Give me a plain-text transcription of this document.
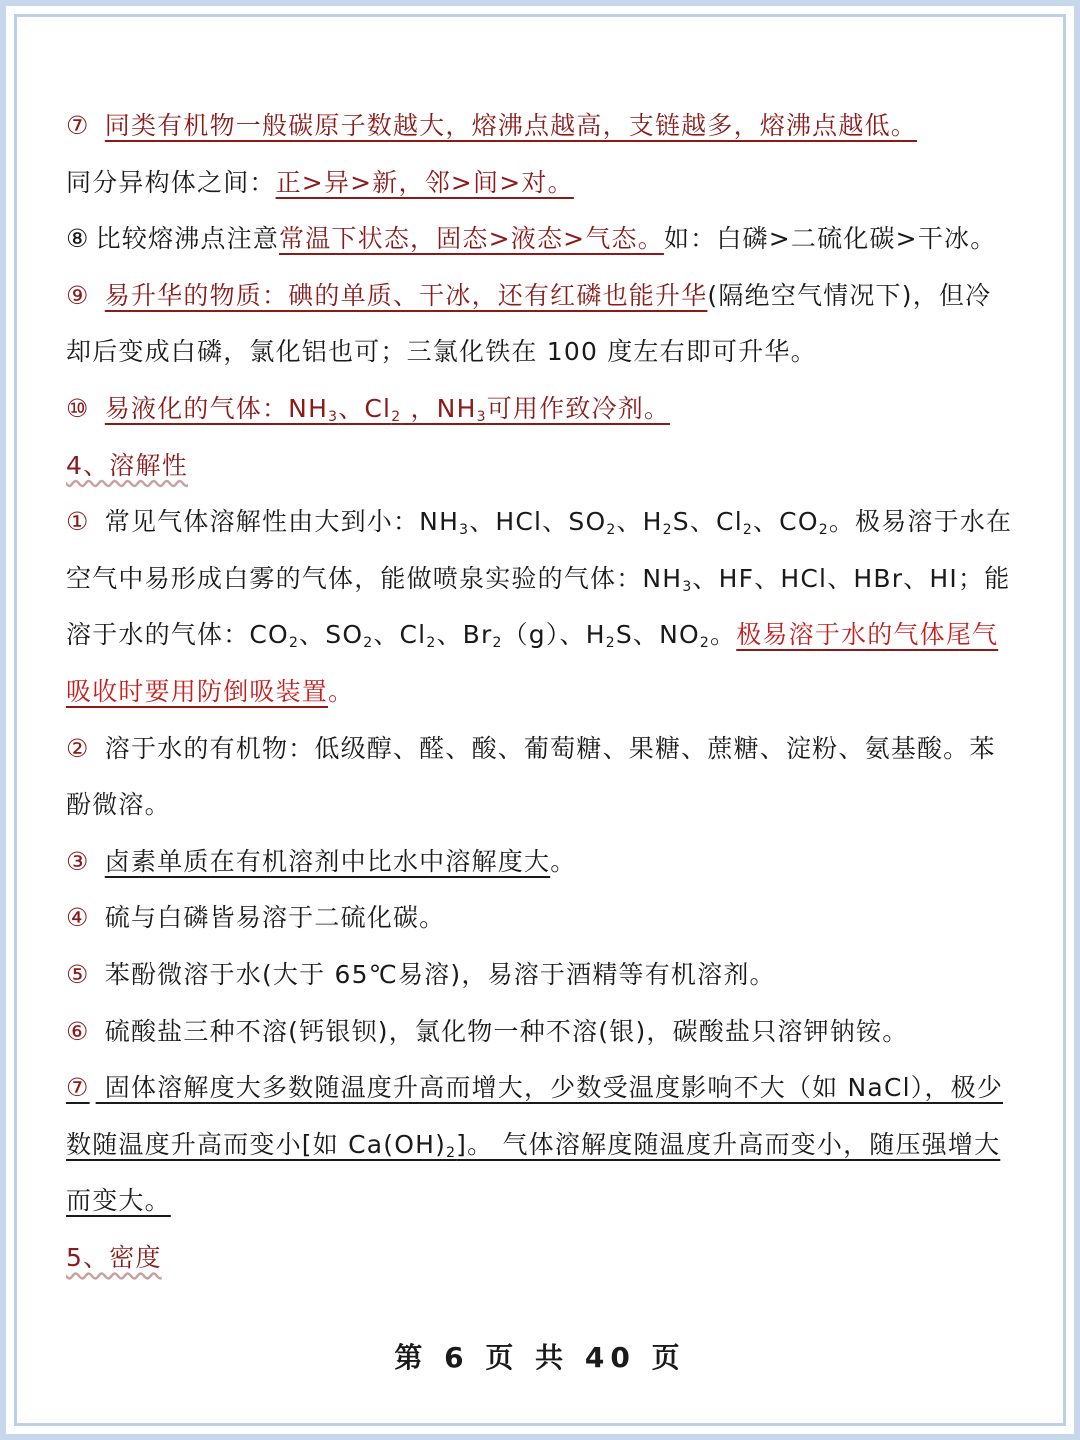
⑦ 同类有机物一般碳原子数越大，熔沸点越高，支链越多，熔沸点越低。

同分异构体之间：正>异>新，邻>间>对。

⑧ 比较熔沸点注意常温下状态，固态>液态>气态。如：白磷>二硫化碳>干冰。

⑨ 易升华的物质：碘的单质、干冰，还有红磷也能升华(隔绝空气情况下)，但冷却后变成白磷，氯化铝也可；三氯化铁在 100 度左右即可升华。

⑩ 易液化的气体：$NH_3$、$Cl_2$ ，$NH_3$可用作致冷剂。

4、溶解性

① 常见气体溶解性由大到小：$NH_3$、HCl、$SO_2$、$H_2S$、$Cl_2$、$CO_2$。极易溶于水在空气中易形成白雾的气体，能做喷泉实验的气体：$NH_3$、HF、HCl、HBr、HI；能溶于水的气体：$CO_2$、$SO_2$、$Cl_2$、$Br_2(g)$、$H_2S$、$NO_2$。极易溶于水的气体尾气吸收时要用防倒吸装置。

② 溶于水的有机物：低级醇、醛、酸、葡萄糖、果糖、蔗糖、淀粉、氨基酸。苯酚微溶。

③ 卤素单质在有机溶剂中比水中溶解度大。

④ 硫与白磷皆易溶于二硫化碳。

⑤ 苯酚微溶于水(大于 65℃易溶)，易溶于酒精等有机溶剂。

⑥ 硫酸盐三种不溶(钙银钡)，氯化物一种不溶(银)，碳酸盐只溶钾钠铵。

⑦ 固体溶解度大多数随温度升高而增大，少数受温度影响不大（如 NaCl），极少数随温度升高而变小[如 $Ca(OH)_2$]。 气体溶解度随温度升高而变小，随压强增大而变大。

5、密度

第 6 页 共 40 页
